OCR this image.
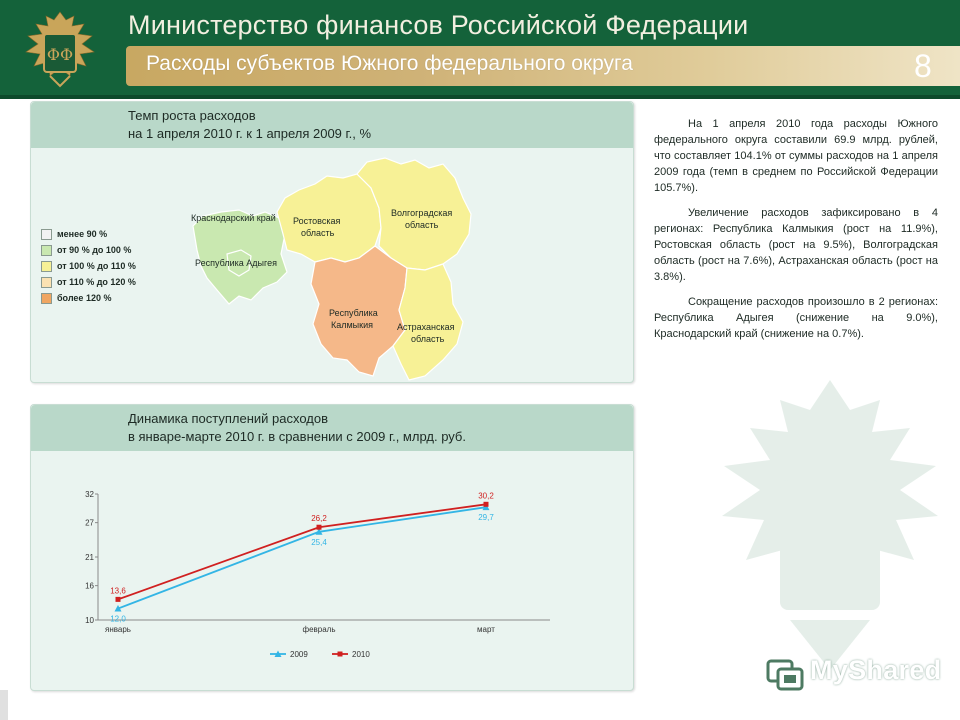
ΦΦ
Министерство финансов Российской Федерации
Расходы субъектов Южного федерального округа	8
Темп роста расходов
на 1 апреля 2010 г. к 1 апреля 2009 г., %
менее 90 %
от 90 % до 100 %
от 100 % до 110 %
от 110 % до 120 %
более 120 %
Краснодарский край
Республика Адыгея
Ростовская
область
Волгоградская
область
Республика
Калмыкия	Астраханская
область
Динамика поступлений расходов
в январе-марте 2010 г. в сравнении с 2009 г., млрд. руб.
10
16
21
27
32
январь	февраль	март
12,0
25,4
29,7
13,6
26,2
30,2
2009	2010

На 1 апреля 2010 года расходы Южного федерального округа составили 69.9 млрд. рублей, что составляет 104.1% от суммы расходов на 1 апреля 2009 года (темп в среднем по Российской Федерации 105.7%).

Увеличение расходов зафиксировано в 4 регионах: Республика Калмыкия (рост на 11.9%), Ростовская область (рост на 9.5%), Волгоградская область (рост на 7.6%), Астраханская область (рост на 3.8%).

Сокращение расходов произошло в 2 регионах: Республика Адыгея (снижение на 9.0%), Краснодарский край (снижение на 0.7%).

MyShared
